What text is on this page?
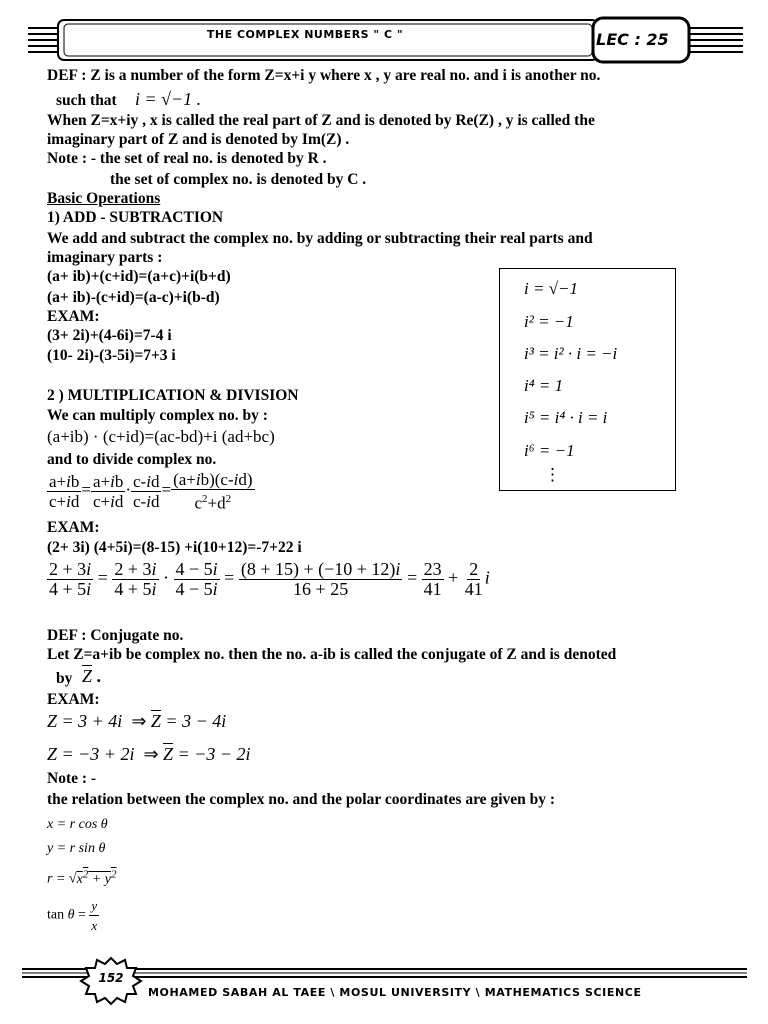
THE COMPLEX NUMBERS " C "	LEC : 25
DEF : Z is a number of the form Z=x+i y where x , y are real no. and i is another no.
such that i = √−1 .
When Z=x+iy , x is called the real part of Z and is denoted by Re(Z) , y is called the
imaginary part of Z and is denoted by Im(Z) .
Note : - the set of real no. is denoted by R .
the set of complex no. is denoted by C .
Basic Operations
1) ADD - SUBTRACTION
We add and subtract the complex no. by adding or subtracting their real parts and
imaginary parts :
(a+ ib)+(c+id)=(a+c)+i(b+d)
(a+ ib)-(c+id)=(a-c)+i(b-d)
EXAM:
(3+ 2i)+(4-6i)=7-4 i
(10- 2i)-(3-5i)=7+3 i
i = √−1
i² = −1
i³ = i² · i = −i
i⁴ = 1
i⁵ = i⁴ · i = i
i⁶ = −1
⋮
2 ) MULTIPLICATION & DIVISION
We can multiply complex no. by :
(a+ib) · (c+id)=(ac-bd)+i (ad+bc)
and to divide complex no.
$\frac{a+ib}{c+id} = \frac{a+ib}{c+id} \cdot \frac{c-id}{c-id} = \frac{(a+ib)(c-id)}{c^2+d^2}$
EXAM:
(2+ 3i) (4+5i)=(8-15) +i(10+12)=-7+22 i
$\frac{2 + 3i}{4 + 5i} = \frac{2 + 3i}{4 + 5i} \cdot \frac{4 - 5i}{4 - 5i} = \frac{(8 + 15) + (-10 + 12)i}{16 + 25} = \frac{23}{41} + \frac{2}{41}$ i
DEF : Conjugate no.
Let Z=a+ib be complex no. then the no. a-ib is called the conjugate of Z and is denoted
by $\overline{Z}$ .
EXAM:
Z = 3 + 4i  ⇒ $\overline{Z} = 3 - 4i$
Z = −3 + 2i  ⇒ $\overline{Z} = -3 - 2i$
Note : -
the relation between the complex no. and the polar coordinates are given by :
x = r cos θ
y = r sin θ
$r = √x^2 + y^2$
$\tan \theta = \frac{y}{x}$
152
MOHAMED SABAH AL TAEE \ MOSUL UNIVERSITY \ MATHEMATICS SCIENCE
